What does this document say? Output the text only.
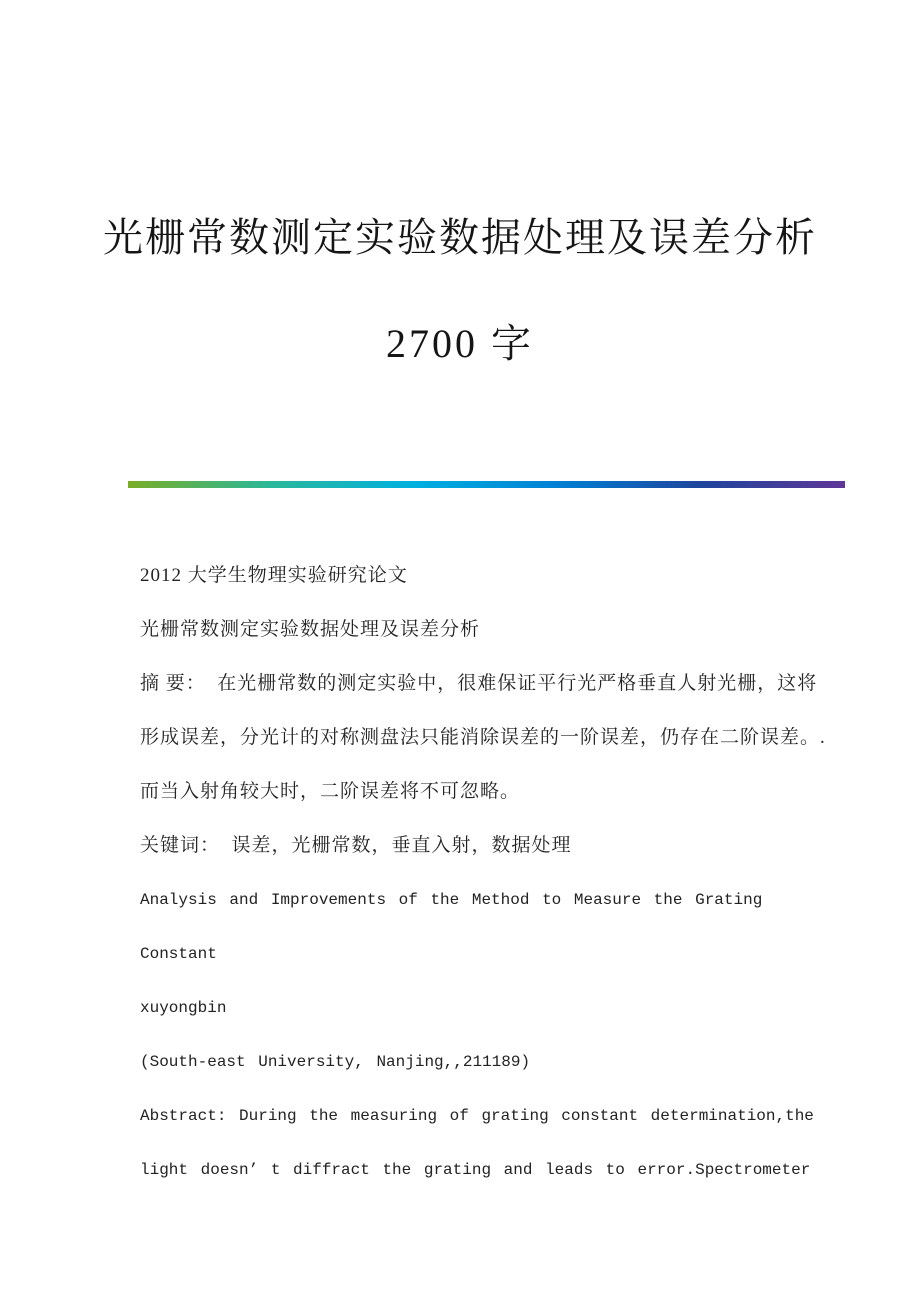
光栅常数测定实验数据处理及误差分析
2700 字
2012 大学生物理实验研究论文
光栅常数测定实验数据处理及误差分析
摘 要：  在光栅常数的测定实验中，很难保证平行光严格垂直人射光栅，这将
形成误差，分光计的对称测盘法只能消除误差的一阶误差，仍存在二阶误差。.
而当入射角较大时，二阶误差将不可忽略。
关键词：  误差，光栅常数，垂直入射，数据处理
Analysis and Improvements of the Method to Measure the Grating
Constant
xuyongbin
(South-east University, Nanjing,,211189)
Abstract: During the measuring of grating constant determination,the
light doesn’ t diffract the grating and leads to error.Spectrometer
